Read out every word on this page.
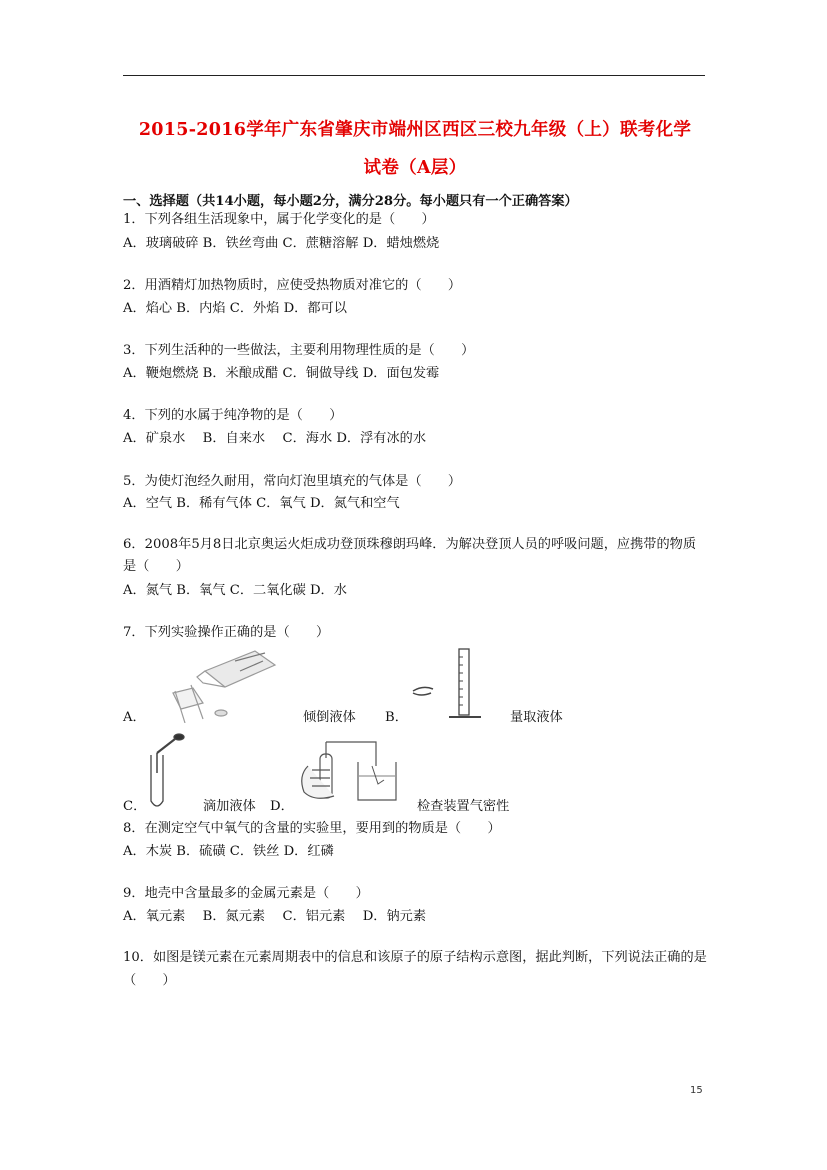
2015-2016学年广东省肇庆市端州区西区三校九年级（上）联考化学
试卷（A层）
一、选择题（共14小题，每小题2分，满分28分。每小题只有一个正确答案）
1．下列各组生活现象中，属于化学变化的是（　　）
A．玻璃破碎 B．铁丝弯曲 C．蔗糖溶解 D．蜡烛燃烧
2．用酒精灯加热物质时，应使受热物质对准它的（　　）
A．焰心 B．内焰 C．外焰 D．都可以
3．下列生活种的一些做法，主要利用物理性质的是（　　）
A．鞭炮燃烧 B．米酿成醋 C．铜做导线 D．面包发霉
4．下列的水属于纯净物的是（　　）
A．矿泉水　 B．自来水　 C．海水 D．浮有冰的水
5．为使灯泡经久耐用，常向灯泡里填充的气体是（　　）
A．空气 B．稀有气体 C．氧气 D．氮气和空气
6．2008年5月8日北京奥运火炬成功登顶珠穆朗玛峰．为解决登顶人员的呼吸问题，应携带的物质是（　　）
A．氮气 B．氧气 C．二氧化碳 D．水
7．下列实验操作正确的是（　　）
A．	倾倒液体 B．	量取液体
C．	滴加液体 D．	检查装置气密性
8．在测定空气中氧气的含量的实验里，要用到的物质是（　　）
A．木炭 B．硫磺 C．铁丝 D．红磷
9．地壳中含量最多的金属元素是（　　）
A．氧元素　 B．氮元素　 C．铝元素　 D．钠元素
10．如图是镁元素在元素周期表中的信息和该原子的原子结构示意图，据此判断，下列说法正确的是（　　）
15
